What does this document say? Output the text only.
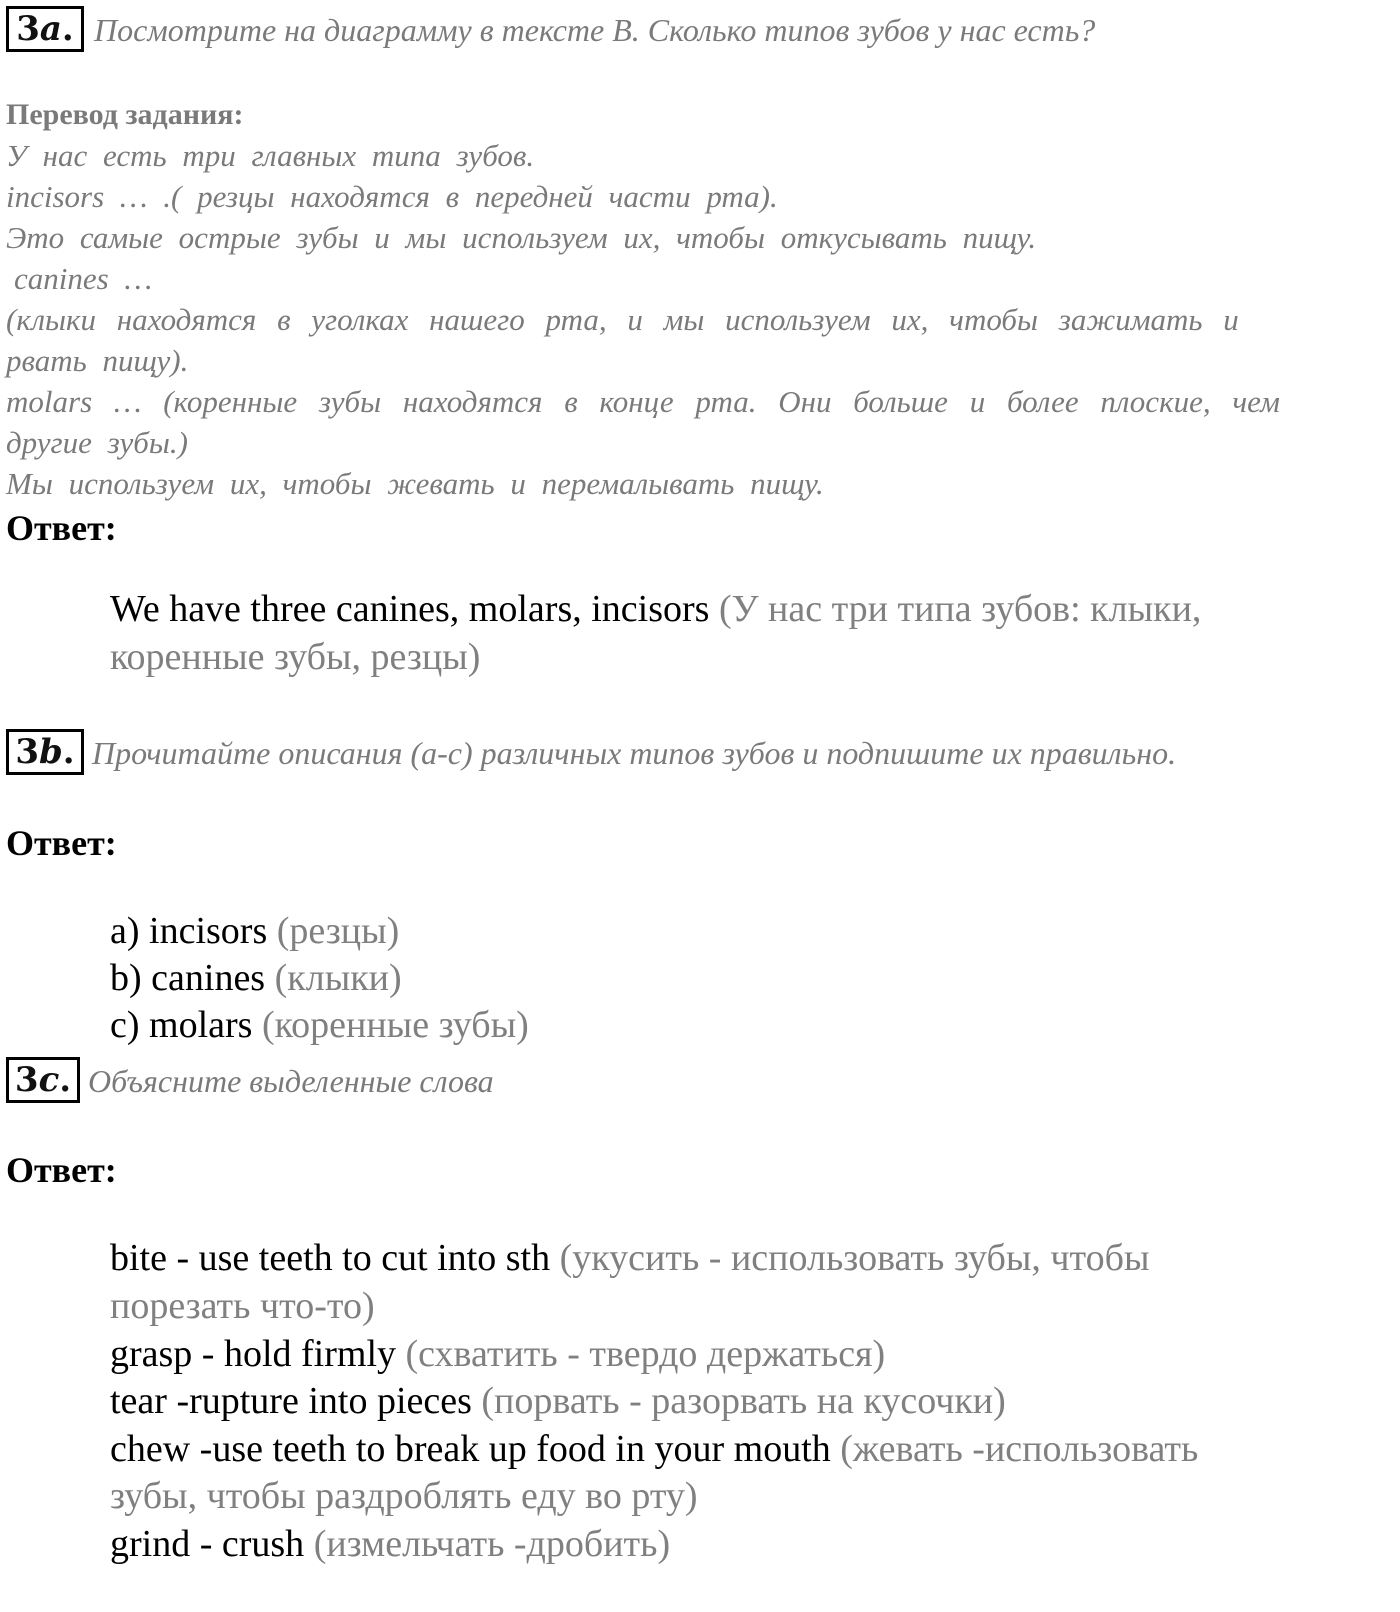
3a. Посмотрите на диаграмму в тексте В. Сколько типов зубов у нас есть?
Перевод задания:
У нас есть три главных типа зубов.
incisors … .( резцы находятся в передней части рта).
Это самые острые зубы и мы используем их, чтобы откусывать пищу.
canines …
(клыки находятся в уголках нашего рта, и мы используем их, чтобы зажимать и
рвать пищу).
molars … (коренные зубы находятся в конце рта. Они больше и более плоские, чем
другие зубы.)
Мы используем их, чтобы жевать и перемалывать пищу.
Ответ:
We have three canines, molars, incisors (У нас три типа зубов: клыки,
коренные зубы, резцы)
3b. Прочитайте описания (а-с) различных типов зубов и подпишите их правильно.
Ответ:
a) incisors (резцы)
b) canines (клыки)
c) molars (коренные зубы)
3c. Объясните выделенные слова
Ответ:
bite - use teeth to cut into sth (укусить - использовать зубы, чтобы
порезать что-то)
grasp - hold firmly (схватить - твердо держаться)
tear -rupture into pieces (порвать - разорвать на кусочки)
chew -use teeth to break up food in your mouth (жевать -использовать
зубы, чтобы раздроблять еду во рту)
grind - crush (измельчать -дробить)
